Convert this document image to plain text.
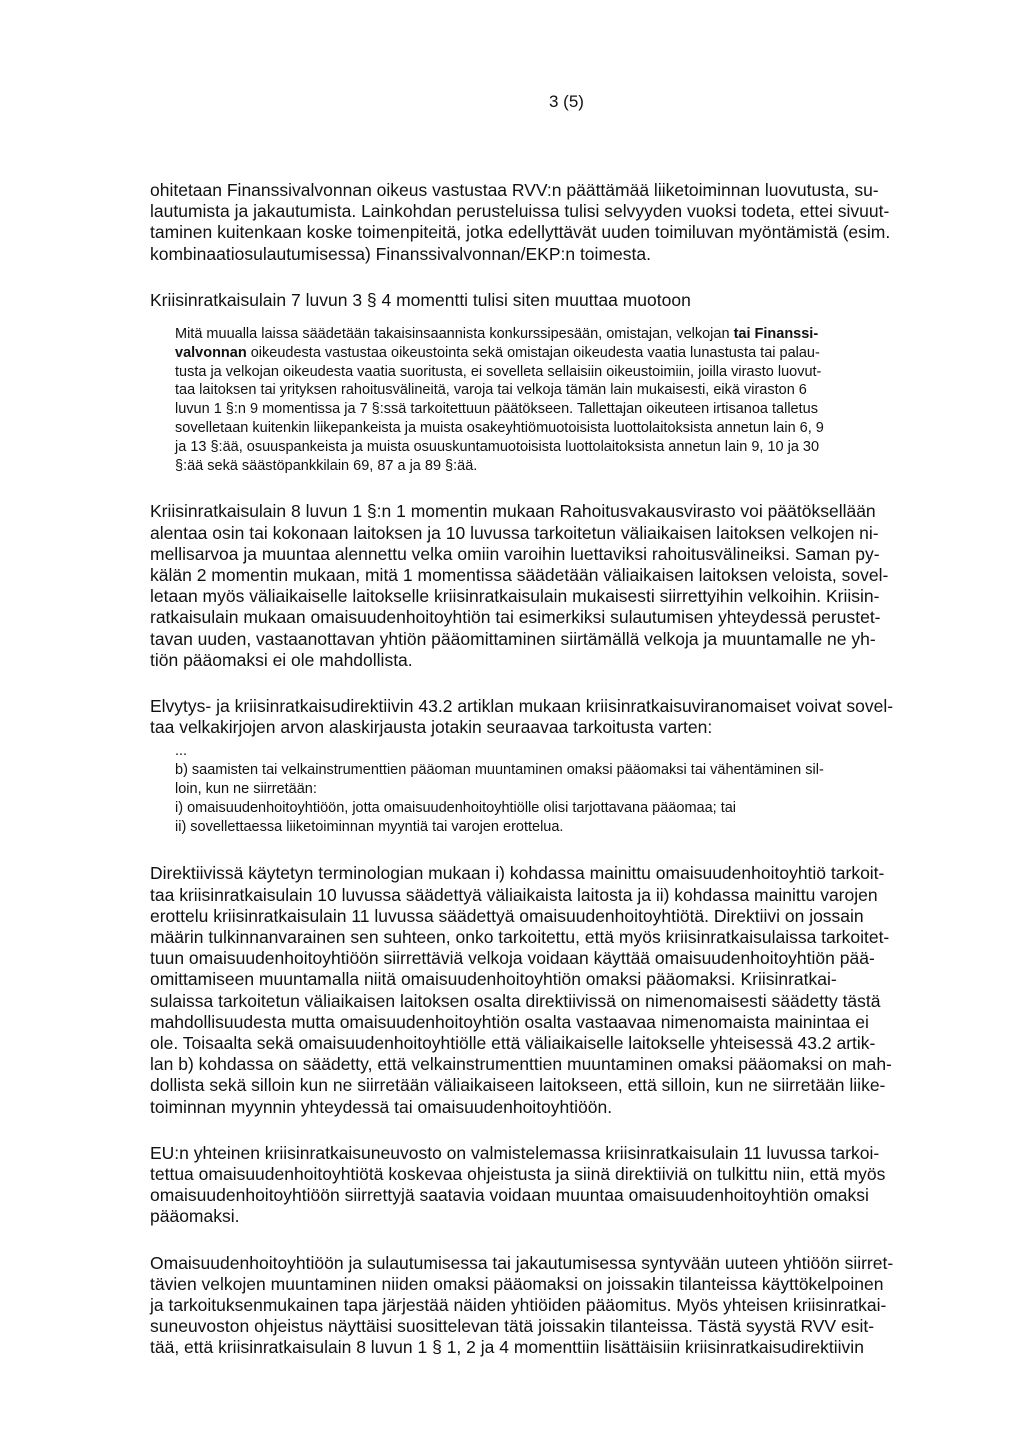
3 (5)
ohitetaan Finanssivalvonnan oikeus vastustaa RVV:n päättämää liiketoiminnan luovutusta, su-
lautumista ja jakautumista. Lainkohdan perusteluissa tulisi selvyyden vuoksi todeta, ettei sivuut-
taminen kuitenkaan koske toimenpiteitä, jotka edellyttävät uuden toimiluvan myöntämistä (esim.
kombinaatiosulautumisessa) Finanssivalvonnan/EKP:n toimesta.
Kriisinratkaisulain 7 luvun 3 § 4 momentti tulisi siten muuttaa muotoon
Mitä muualla laissa säädetään takaisinsaannista konkurssipesään, omistajan, velkojan tai Finanssi-
valvonnan oikeudesta vastustaa oikeustointa sekä omistajan oikeudesta vaatia lunastusta tai palau-
tusta ja velkojan oikeudesta vaatia suoritusta, ei sovelleta sellaisiin oikeustoimiin, joilla virasto luovut-
taa laitoksen tai yrityksen rahoitusvälineitä, varoja tai velkoja tämän lain mukaisesti, eikä viraston 6
luvun 1 §:n 9 momentissa ja 7 §:ssä tarkoitettuun päätökseen. Tallettajan oikeuteen irtisanoa talletus
sovelletaan kuitenkin liikepankeista ja muista osakeyhtiömuotoisista luottolaitoksista annetun lain 6, 9
ja 13 §:ää, osuuspankeista ja muista osuuskuntamuotoisista luottolaitoksista annetun lain 9, 10 ja 30
§:ää sekä säästöpankkilain 69, 87 a ja 89 §:ää.
Kriisinratkaisulain 8 luvun 1 §:n 1 momentin mukaan Rahoitusvakausvirasto voi päätöksellään
alentaa osin tai kokonaan laitoksen ja 10 luvussa tarkoitetun väliaikaisen laitoksen velkojen ni-
mellisarvoa ja muuntaa alennettu velka omiin varoihin luettaviksi rahoitusvälineiksi. Saman py-
kälän 2 momentin mukaan, mitä 1 momentissa säädetään väliaikaisen laitoksen veloista, sovel-
letaan myös väliaikaiselle laitokselle kriisinratkaisulain mukaisesti siirrettyihin velkoihin. Kriisin-
ratkaisulain mukaan omaisuudenhoitoyhtiön tai esimerkiksi sulautumisen yhteydessä perustet-
tavan uuden, vastaanottavan yhtiön pääomittaminen siirtämällä velkoja ja muuntamalle ne yh-
tiön pääomaksi ei ole mahdollista.
Elvytys- ja kriisinratkaisudirektiivin 43.2 artiklan mukaan kriisinratkaisuviranomaiset voivat sovel-
taa velkakirjojen arvon alaskirjausta jotakin seuraavaa tarkoitusta varten:
...
b) saamisten tai velkainstrumenttien pääoman muuntaminen omaksi pääomaksi tai vähentäminen sil-
loin, kun ne siirretään:
i) omaisuudenhoitoyhtiöön, jotta omaisuudenhoitoyhtiölle olisi tarjottavana pääomaa; tai
ii) sovellettaessa liiketoiminnan myyntiä tai varojen erottelua.
Direktiivissä käytetyn terminologian mukaan i) kohdassa mainittu omaisuudenhoitoyhtiö tarkoit-
taa kriisinratkaisulain 10 luvussa säädettyä väliaikaista laitosta ja ii) kohdassa mainittu varojen
erottelu kriisinratkaisulain 11 luvussa säädettyä omaisuudenhoitoyhtiötä. Direktiivi on jossain
määrin tulkinnanvarainen sen suhteen, onko tarkoitettu, että myös kriisinratkaisulaissa tarkoitet-
tuun omaisuudenhoitoyhtiöön siirrettäviä velkoja voidaan käyttää omaisuudenhoitoyhtiön pää-
omittamiseen muuntamalla niitä omaisuudenhoitoyhtiön omaksi pääomaksi. Kriisinratkai-
sulaissa tarkoitetun väliaikaisen laitoksen osalta direktiivissä on nimenomaisesti säädetty tästä
mahdollisuudesta mutta omaisuudenhoitoyhtiön osalta vastaavaa nimenomaista mainintaa ei
ole. Toisaalta sekä omaisuudenhoitoyhtiölle että väliaikaiselle laitokselle yhteisessä 43.2 artik-
lan b) kohdassa on säädetty, että velkainstrumenttien muuntaminen omaksi pääomaksi on mah-
dollista sekä silloin kun ne siirretään väliaikaiseen laitokseen, että silloin, kun ne siirretään liike-
toiminnan myynnin yhteydessä tai omaisuudenhoitoyhtiöön.
EU:n yhteinen kriisinratkaisuneuvosto on valmistelemassa kriisinratkaisulain 11 luvussa tarkoi-
tettua omaisuudenhoitoyhtiötä koskevaa ohjeistusta ja siinä direktiiviä on tulkittu niin, että myös
omaisuudenhoitoyhtiöön siirrettyjä saatavia voidaan muuntaa omaisuudenhoitoyhtiön omaksi
pääomaksi.
Omaisuudenhoitoyhtiöön ja sulautumisessa tai jakautumisessa syntyvään uuteen yhtiöön siirret-
tävien velkojen muuntaminen niiden omaksi pääomaksi on joissakin tilanteissa käyttökelpoinen
ja tarkoituksenmukainen tapa järjestää näiden yhtiöiden pääomitus. Myös yhteisen kriisinratkai-
suneuvoston ohjeistus näyttäisi suosittelevan tätä joissakin tilanteissa. Tästä syystä RVV esit-
tää, että kriisinratkaisulain 8 luvun 1 § 1, 2 ja 4 momenttiin lisättäisiin kriisinratkaisudirektiivin
